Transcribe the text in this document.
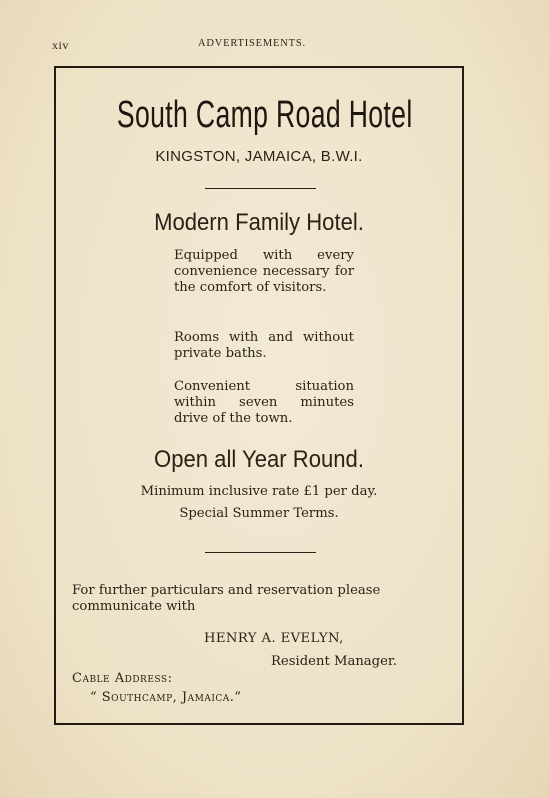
xiv	ADVERTISEMENTS.
South Camp Road Hotel
KINGSTON, JAMAICA, B.W.I.
Modern Family Hotel.
Equipped with every convenience necessary for the comfort of visitors.
Rooms with and without private baths.
Convenient situation within seven minutes drive of the town.
Open all Year Round.
Minimum inclusive rate £1 per day.
Special Summer Terms.
For further particulars and reservation please communicate with
HENRY A. EVELYN,
Resident Manager.
Cable Address:
“ Southcamp, Jamaica.”
